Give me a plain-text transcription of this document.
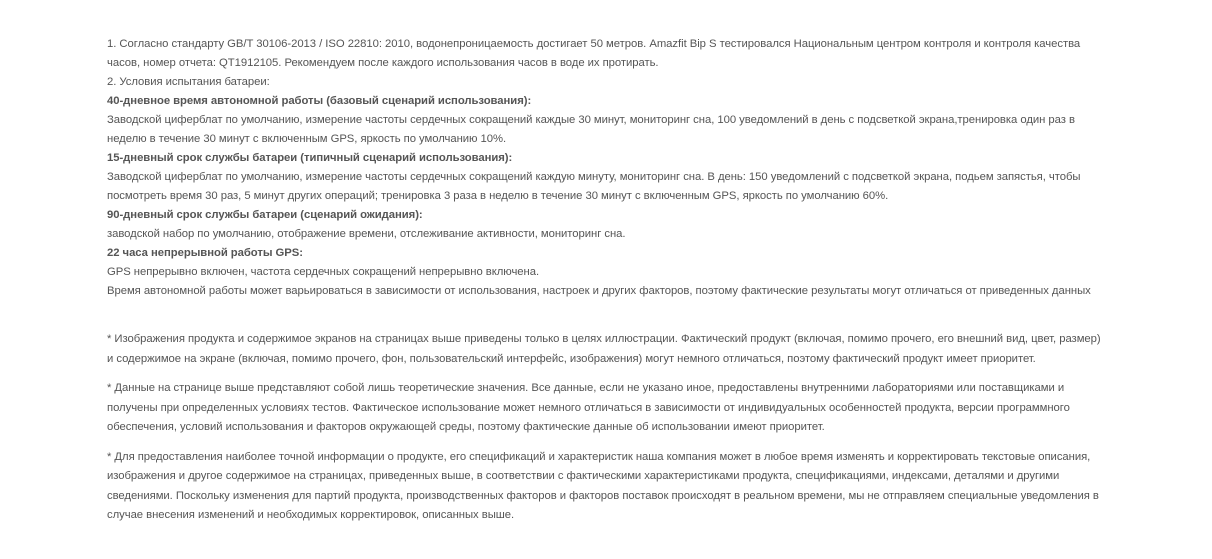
1. Согласно стандарту GB/T 30106-2013 / ISO 22810: 2010, водонепроницаемость достигает 50 метров. Amazfit Bip S тестировался Национальным центром контроля и контроля качества часов, номер отчета: QT1912105. Рекомендуем после каждого использования часов в воде их протирать.

2. Условия испытания батареи:

40-дневное время автономной работы (базовый сценарий использования):

Заводской циферблат по умолчанию, измерение частоты сердечных сокращений каждые 30 минут, мониторинг сна, 100 уведомлений в день с подсветкой экрана,тренировка один раз в неделю в течение 30 минут с включенным GPS, яркость по умолчанию 10%.

15-дневный срок службы батареи (типичный сценарий использования):

Заводской циферблат по умолчанию, измерение частоты сердечных сокращений каждую минуту, мониторинг сна. В день: 150 уведомлений с подсветкой экрана, подьем запястья, чтобы посмотреть время 30 раз, 5 минут других операций; тренировка 3 раза в неделю в течение 30 минут с включенным GPS, яркость по умолчанию 60%.

90-дневный срок службы батареи (сценарий ожидания):

заводской набор по умолчанию, отображение времени, отслеживание активности, мониторинг сна.

22 часа непрерывной работы GPS:

GPS непрерывно включен, частота сердечных сокращений непрерывно включена.

Время автономной работы может варьироваться в зависимости от использования, настроек и других факторов, поэтому фактические результаты могут отличаться от приведенных данных

* Изображения продукта и содержимое экранов на страницах выше приведены только в целях иллюстрации. Фактический продукт (включая, помимо прочего, его внешний вид, цвет, размер) и содержимое на экране (включая, помимо прочего, фон, пользовательский интерфейс, изображения) могут немного отличаться, поэтому фактический продукт имеет приоритет.

* Данные на странице выше представляют собой лишь теоретические значения. Все данные, если не указано иное, предоставлены внутренними лабораториями или поставщиками и получены при определенных условиях тестов. Фактическое использование может немного отличаться в зависимости от индивидуальных особенностей продукта, версии программного обеспечения, условий использования и факторов окружающей среды, поэтому фактические данные об использовании имеют приоритет.

* Для предоставления наиболее точной информации о продукте, его спецификаций и характеристик наша компания может в любое время изменять и корректировать текстовые описания, изображения и другое содержимое на страницах, приведенных выше, в соответствии с фактическими характеристиками продукта, спецификациями, индексами, деталями и другими сведениями. Поскольку изменения для партий продукта, производственных факторов и факторов поставок происходят в реальном времени, мы не отправляем специальные уведомления в случае внесения изменений и необходимых корректировок, описанных выше.
